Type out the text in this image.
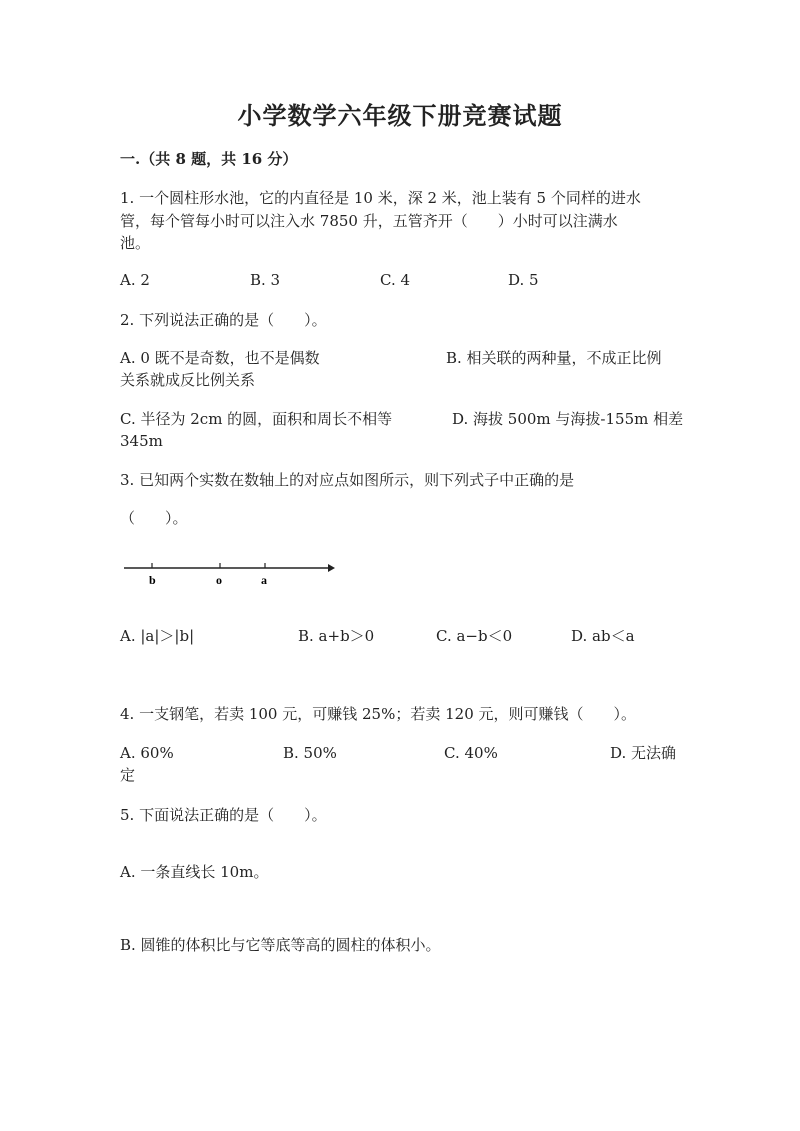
小学数学六年级下册竞赛试题
一.（共 8 题，共 16 分）
1. 一个圆柱形水池，它的内直径是 10 米，深 2 米，池上装有 5 个同样的进水
管，每个管每小时可以注入水 7850 升，五管齐开（　　）小时可以注满水
池。
A. 2	B. 3	C. 4	D. 5
2. 下列说法正确的是（　　）。
A. 0 既不是奇数，也不是偶数	B. 相关联的两种量，不成正比例
关系就成反比例关系
C. 半径为 2cm 的圆，面积和周长不相等	D. 海拔 500m 与海拔-155m 相差
345m
3. 已知两个实数在数轴上的对应点如图所示，则下列式子中正确的是
（　　）。
b	o	a
A. |a|＞|b|	B. a+b＞0	C. a−b＜0	D. ab＜a
4. 一支钢笔，若卖 100 元，可赚钱 25%；若卖 120 元，则可赚钱（　　）。
A. 60%	B. 50%	C. 40%	D. 无法确
定
5. 下面说法正确的是（　　）。
A. 一条直线长 10m。
B. 圆锥的体积比与它等底等高的圆柱的体积小。
